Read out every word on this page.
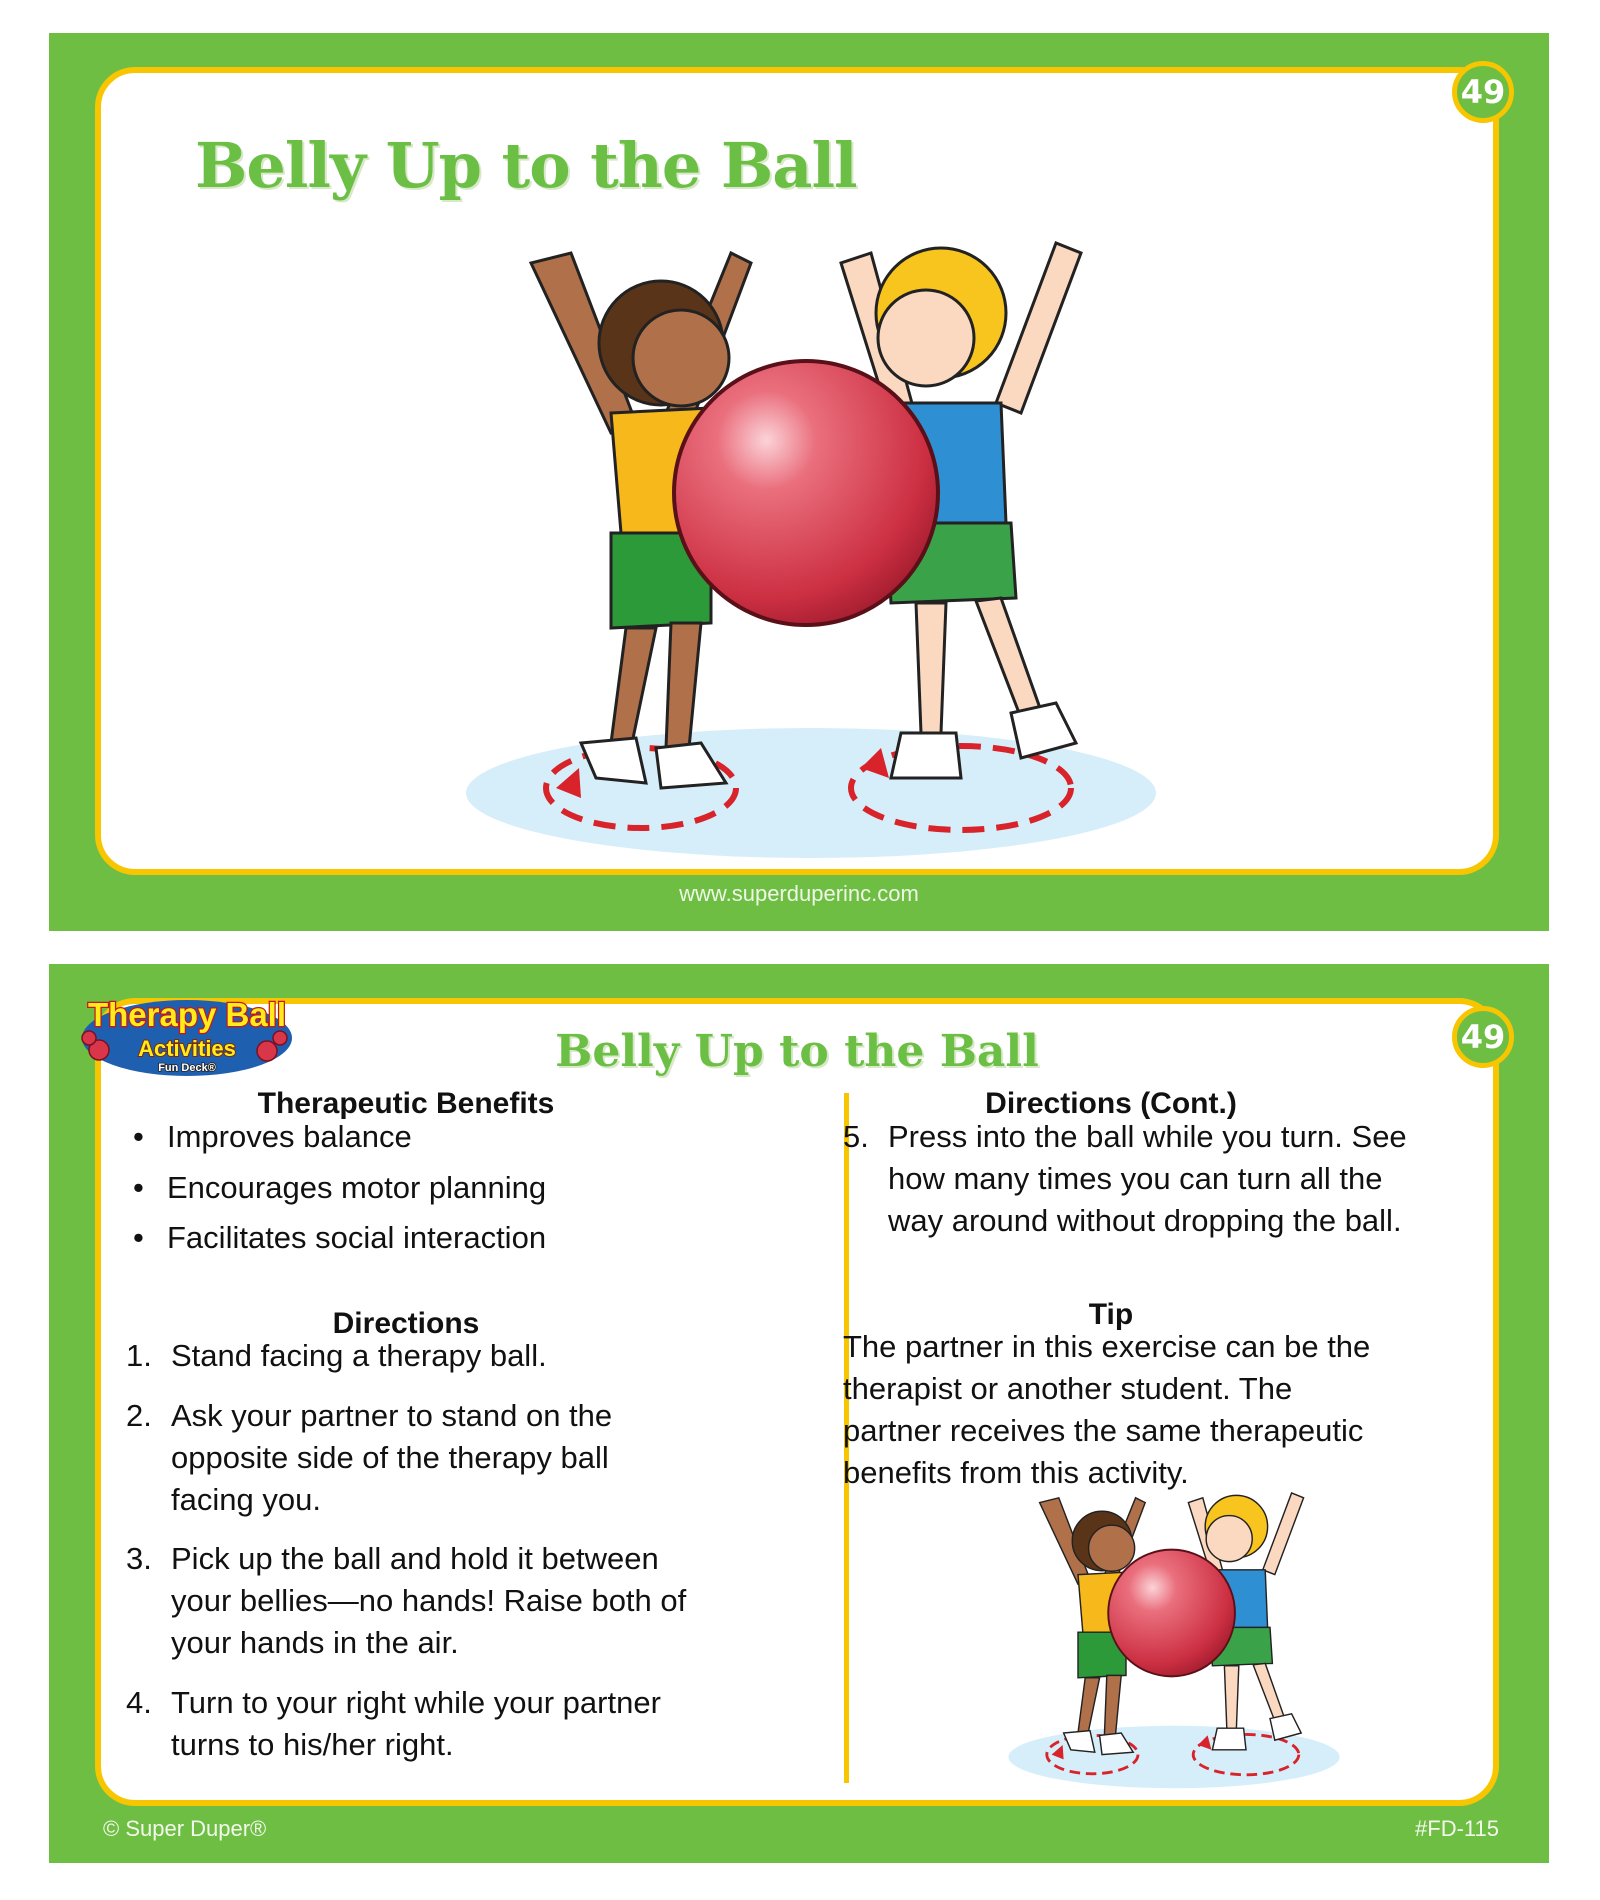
Belly Up to the Ball
49
www.superduperinc.com
Belly Up to the Ball
Therapeutic Benefits
• Improves balance
• Encourages motor planning
• Facilitates social interaction
Directions
1. Stand facing a therapy ball.
2. Ask your partner to stand on the
opposite side of the therapy ball
facing you.
3. Pick up the ball and hold it between
your bellies—no hands! Raise both of
your hands in the air.
4. Turn to your right while your partner
turns to his/her right.
Directions (Cont.)
5. Press into the ball while you turn. See
how many times you can turn all the
way around without dropping the ball.
Tip
The partner in this exercise can be the
therapist or another student. The
partner receives the same therapeutic
benefits from this activity.
Therapy Ball
Activities
Fun Deck®
49
© Super Duper®	#FD-115
